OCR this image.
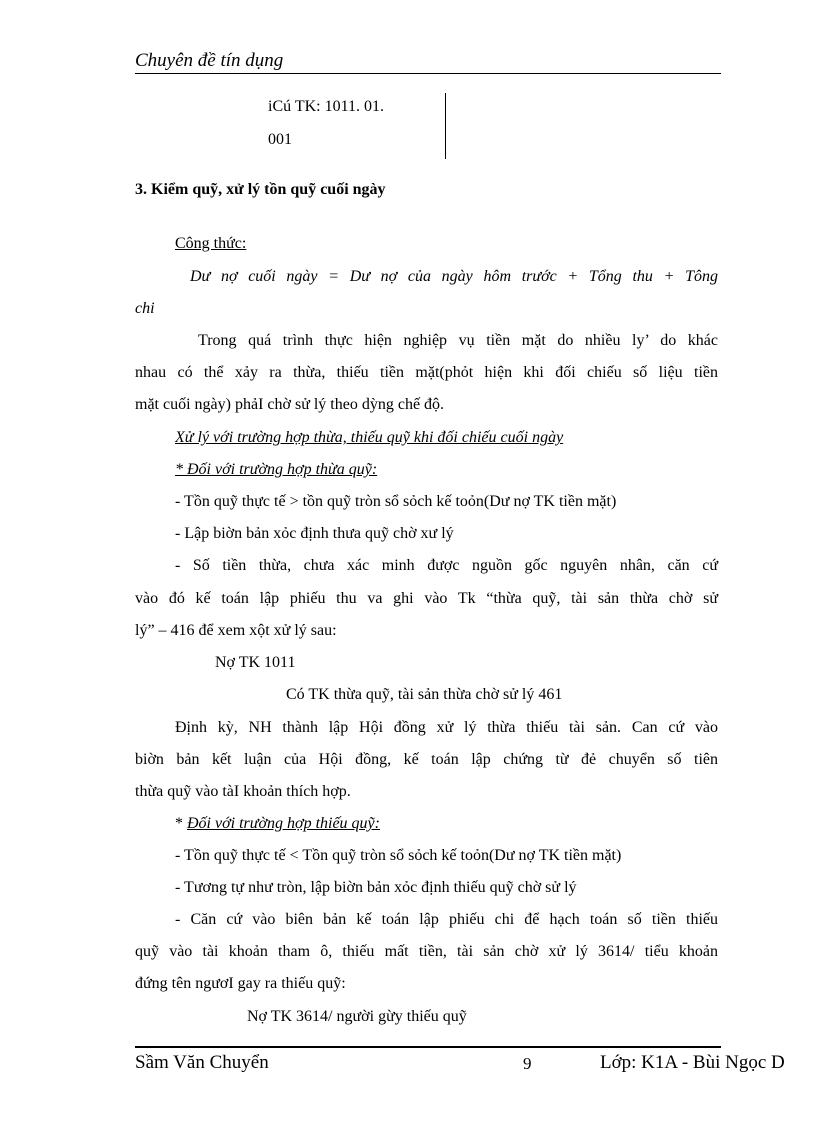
Chuyên đề tín dụng
iCú TK: 1011. 01.
001
3. Kiểm quỹ, xử lý tồn quỹ cuối ngày
Công thức:
Dư nợ cuối ngày = Dư nợ của ngày hôm trước + Tổng thu + Tông
chi
Trong quá trình thực hiện nghiệp vụ tiền mặt do nhiều ly’ do khác
nhau có thể xảy ra thừa, thiếu tiền mặt(phỏt hiện khi đối chiếu số liệu tiền
mặt cuối ngày) phảI chờ sử lý theo dỳng chế độ.
Xử lý với trường hợp thừa, thiếu quỹ khi đối chiếu cuối ngày
* Đối với trường hợp thừa quỹ:
- Tồn quỹ thực tế > tồn quỹ tròn sổ sỏch kế toỏn(Dư nợ TK tiền mặt)
- Lập biờn bản xỏc định thưa quỹ chờ xư lý
- Số tiền thừa, chưa xác minh được nguồn gốc nguyên nhân, căn cứ
vào đó kế toán lập phiếu thu va ghi vào Tk “thừa quỹ, tài sản thừa chờ sử
lý” – 416 để xem xột xử lý sau:
Nợ TK 1011
Có TK thừa quỹ, tài sản thừa chờ sử lý 461
Định kỳ, NH thành lập Hội đồng xử lý thừa thiếu tài sản. Can cứ vào
biờn bản kết luận của Hội đồng, kế toán lập chứng từ đẻ chuyển số tiên
thừa quỹ vào tàI khoản thích hợp.
* Đối với trường hợp thiếu quỹ:
- Tồn quỹ thực tế < Tồn quỹ tròn sổ sỏch kế toỏn(Dư nợ TK tiền mặt)
- Tương tự như tròn, lập biờn bản xỏc định thiếu quỹ chờ sử lý
- Căn cứ vào biên bản kế toán lập phiếu chi để hạch toán số tiền thiếu
quỹ vào tài khoản tham ô, thiếu mất tiền, tài sản chờ xử lý 3614/ tiểu khoản
đứng tên ngươI gay ra thiếu quỹ:
Nợ TK 3614/ người gừy thiếu quỹ
Sầm Văn Chuyển	9	Lớp: K1A - Bùi Ngọc D
